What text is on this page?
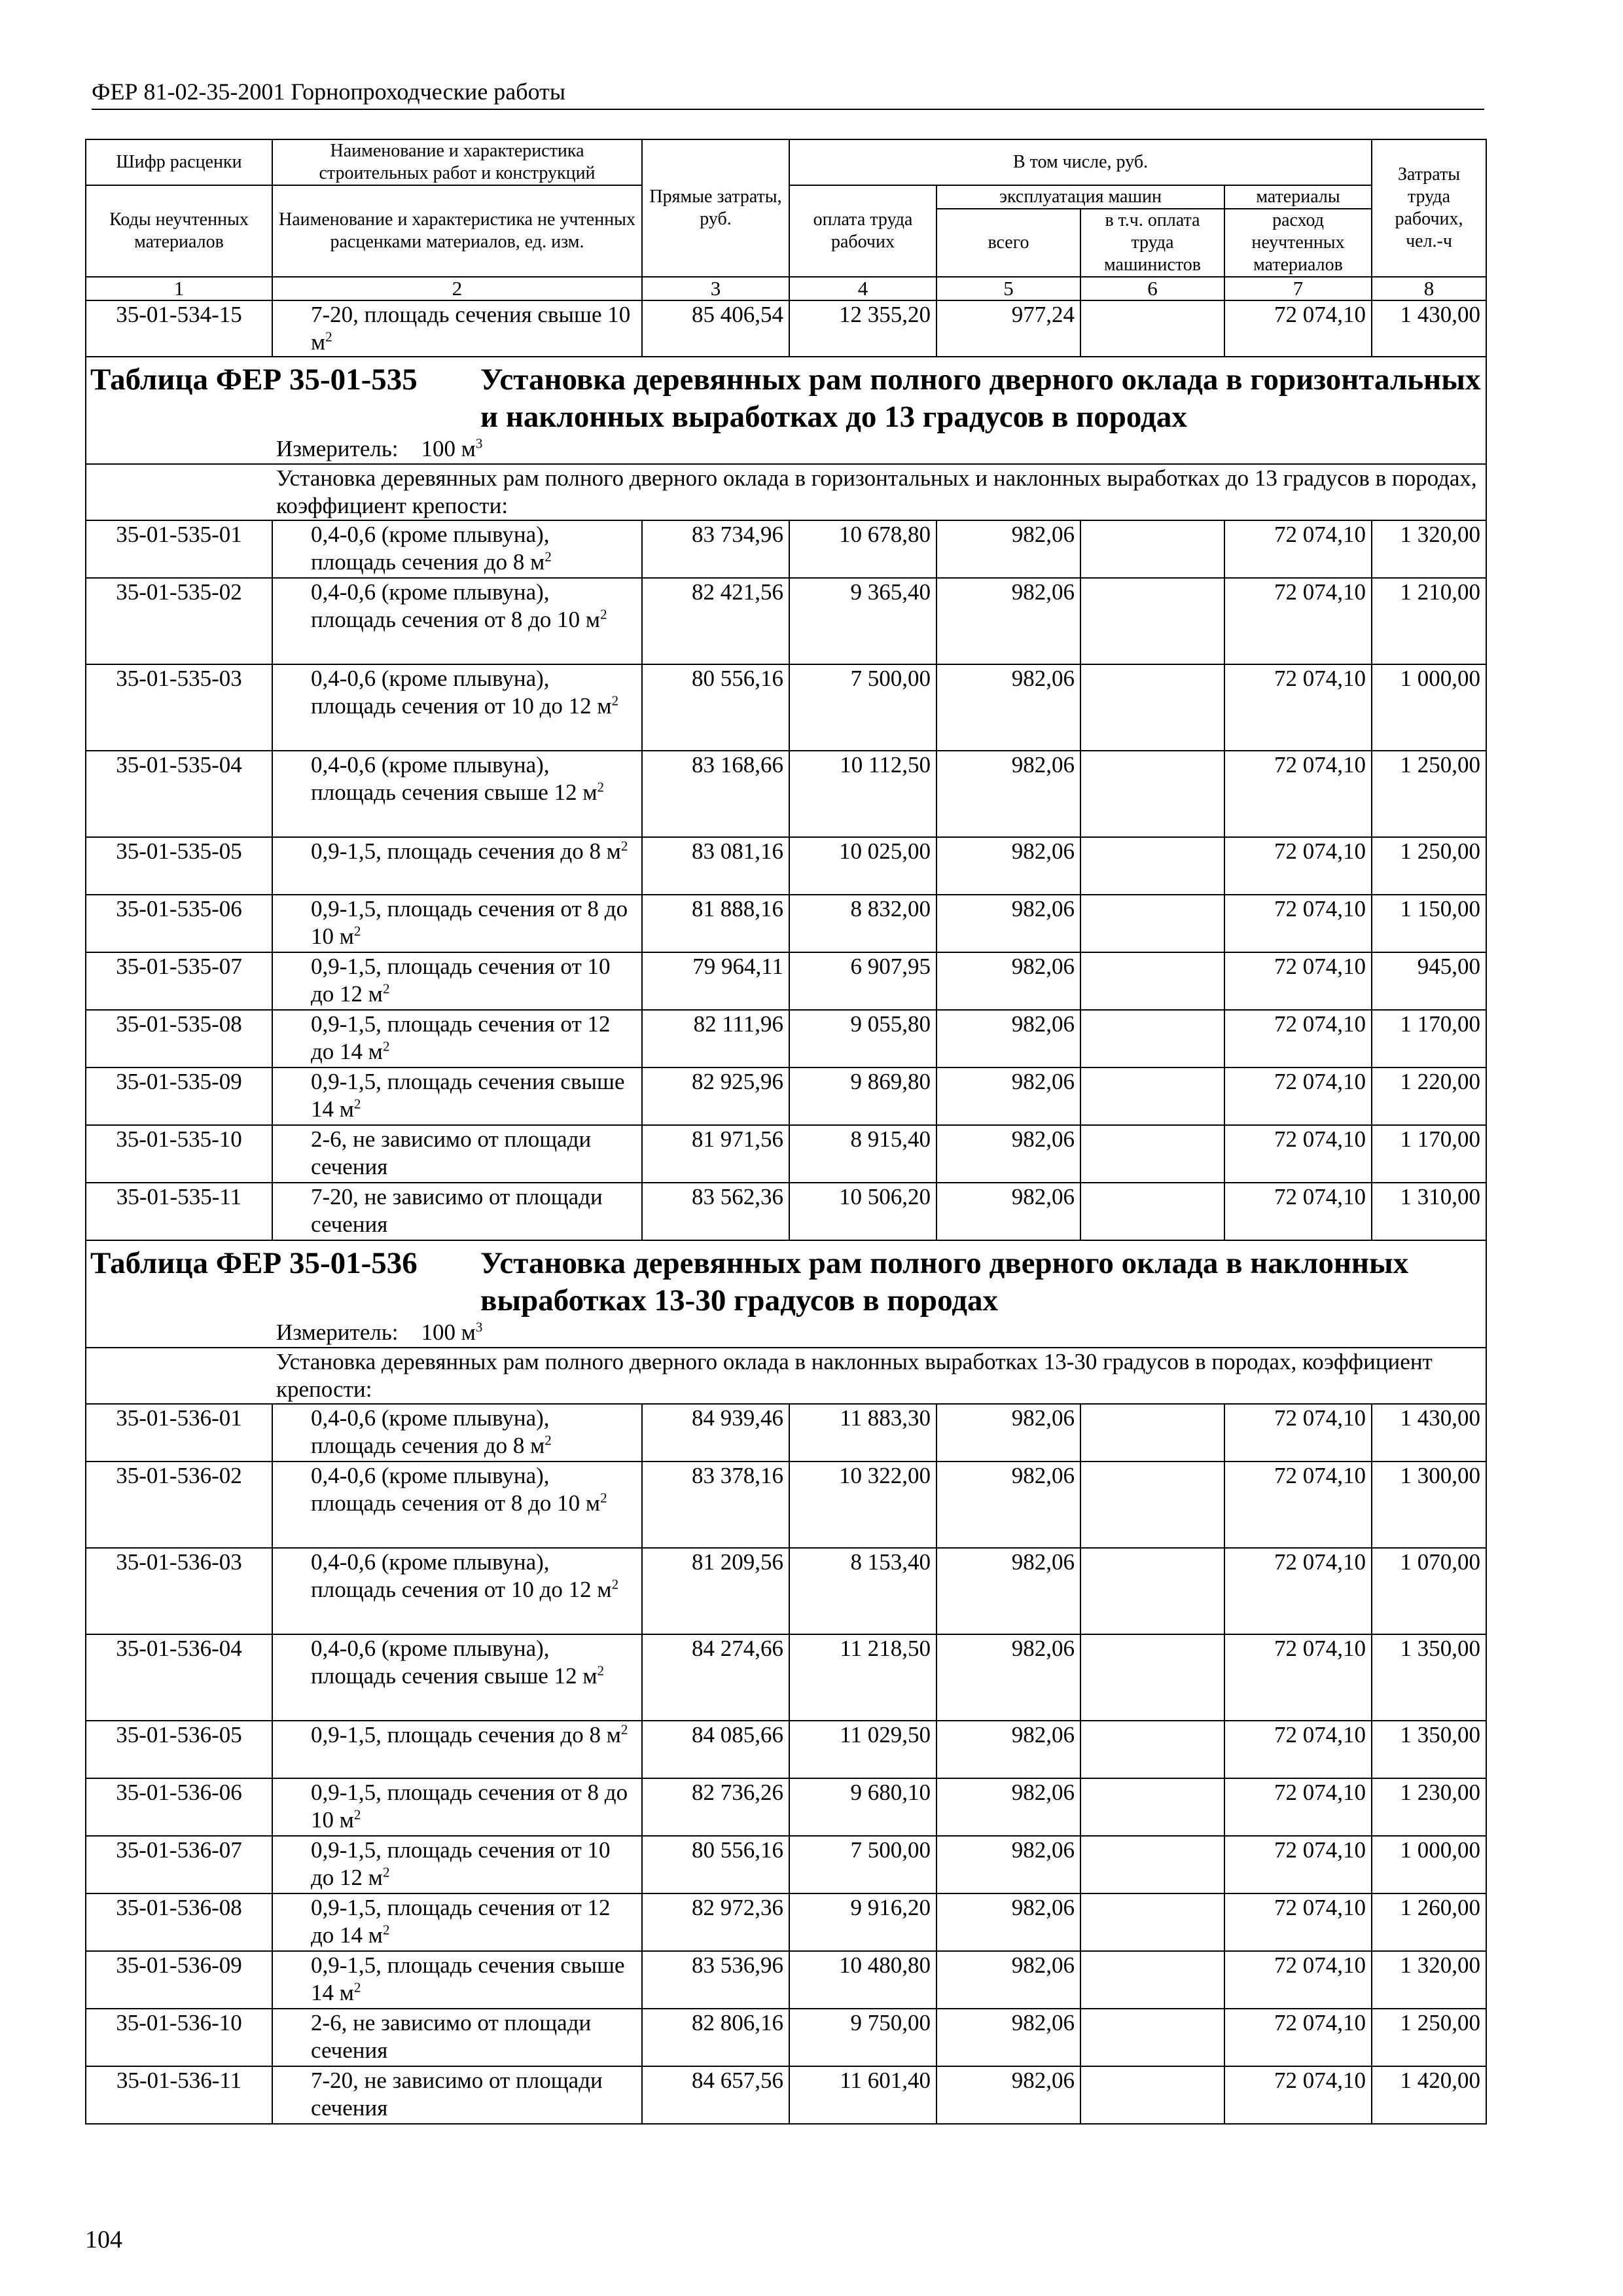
ФЕР 81-02-35-2001 Горнопроходческие работы
Шифр расценки	Наименование и характеристика строительных работ и конструкций	Прямые затраты, руб.	В том числе, руб.				Затраты труда рабочих, чел.-ч
Коды неучтенных материалов	Наименование и характеристика не учтенных расценками материалов, ед. изм.		оплата труда рабочих	эксплуатация машин		материалы	
				всего	в т.ч. оплата труда машинистов	расход неучтенных материалов	
1	2	3	4	5	6	7	8
35-01-534-15	7-20, площадь сечения свыше 10 $м^2$	85 406,54	12 355,20	977,24		72 074,10	1 430,00

Таблица ФЕР 35-01-535 Установка деревянных рам полного дверного оклада в горизонтальных и наклонных выработках до 13 градусов в породах
Измеритель: 100 $м^3$

Установка деревянных рам полного дверного оклада в горизонтальных и наклонных выработках до 13 градусов в породах, коэффициент крепости:							
35-01-535-01	0,4-0,6 (кроме плывуна), площадь сечения до 8 $м^2$	83 734,96	10 678,80	982,06		72 074,10	1 320,00
35-01-535-02	0,4-0,6 (кроме плывуна), площадь сечения от 8 до 10 $м^2$	82 421,56	9 365,40	982,06		72 074,10	1 210,00
35-01-535-03	0,4-0,6 (кроме плывуна), площадь сечения от 10 до 12 $м^2$	80 556,16	7 500,00	982,06		72 074,10	1 000,00
35-01-535-04	0,4-0,6 (кроме плывуна), площадь сечения свыше 12 $м^2$	83 168,66	10 112,50	982,06		72 074,10	1 250,00
35-01-535-05	0,9-1,5, площадь сечения до 8 $м^2$	83 081,16	10 025,00	982,06		72 074,10	1 250,00
35-01-535-06	0,9-1,5, площадь сечения от 8 до 10 $м^2$	81 888,16	8 832,00	982,06		72 074,10	1 150,00
35-01-535-07	0,9-1,5, площадь сечения от 10 до 12 $м^2$	79 964,11	6 907,95	982,06		72 074,10	945,00
35-01-535-08	0,9-1,5, площадь сечения от 12 до 14 $м^2$	82 111,96	9 055,80	982,06		72 074,10	1 170,00
35-01-535-09	0,9-1,5, площадь сечения свыше 14 $м^2$	82 925,96	9 869,80	982,06		72 074,10	1 220,00
35-01-535-10	2-6, не зависимо от площади сечения	81 971,56	8 915,40	982,06		72 074,10	1 170,00
35-01-535-11	7-20, не зависимо от площади сечения	83 562,36	10 506,20	982,06		72 074,10	1 310,00

Таблица ФЕР 35-01-536 Установка деревянных рам полного дверного оклада в наклонных выработках 13-30 градусов в породах
Измеритель: 100 $м^3$

Установка деревянных рам полного дверного оклада в наклонных выработках 13-30 градусов в породах, коэффициент крепости:							
35-01-536-01	0,4-0,6 (кроме плывуна), площадь сечения до 8 $м^2$	84 939,46	11 883,30	982,06		72 074,10	1 430,00
35-01-536-02	0,4-0,6 (кроме плывуна), площадь сечения от 8 до 10 $м^2$	83 378,16	10 322,00	982,06		72 074,10	1 300,00
35-01-536-03	0,4-0,6 (кроме плывуна), площадь сечения от 10 до 12 $м^2$	81 209,56	8 153,40	982,06		72 074,10	1 070,00
35-01-536-04	0,4-0,6 (кроме плывуна), площадь сечения свыше 12 $м^2$	84 274,66	11 218,50	982,06		72 074,10	1 350,00
35-01-536-05	0,9-1,5, площадь сечения до 8 $м^2$	84 085,66	11 029,50	982,06		72 074,10	1 350,00
35-01-536-06	0,9-1,5, площадь сечения от 8 до 10 $м^2$	82 736,26	9 680,10	982,06		72 074,10	1 230,00
35-01-536-07	0,9-1,5, площадь сечения от 10 до 12 $м^2$	80 556,16	7 500,00	982,06		72 074,10	1 000,00
35-01-536-08	0,9-1,5, площадь сечения от 12 до 14 $м^2$	82 972,36	9 916,20	982,06		72 074,10	1 260,00
35-01-536-09	0,9-1,5, площадь сечения свыше 14 $м^2$	83 536,96	10 480,80	982,06		72 074,10	1 320,00
35-01-536-10	2-6, не зависимо от площади сечения	82 806,16	9 750,00	982,06		72 074,10	1 250,00
35-01-536-11	7-20, не зависимо от площади сечения	84 657,56	11 601,40	982,06		72 074,10	1 420,00
104
